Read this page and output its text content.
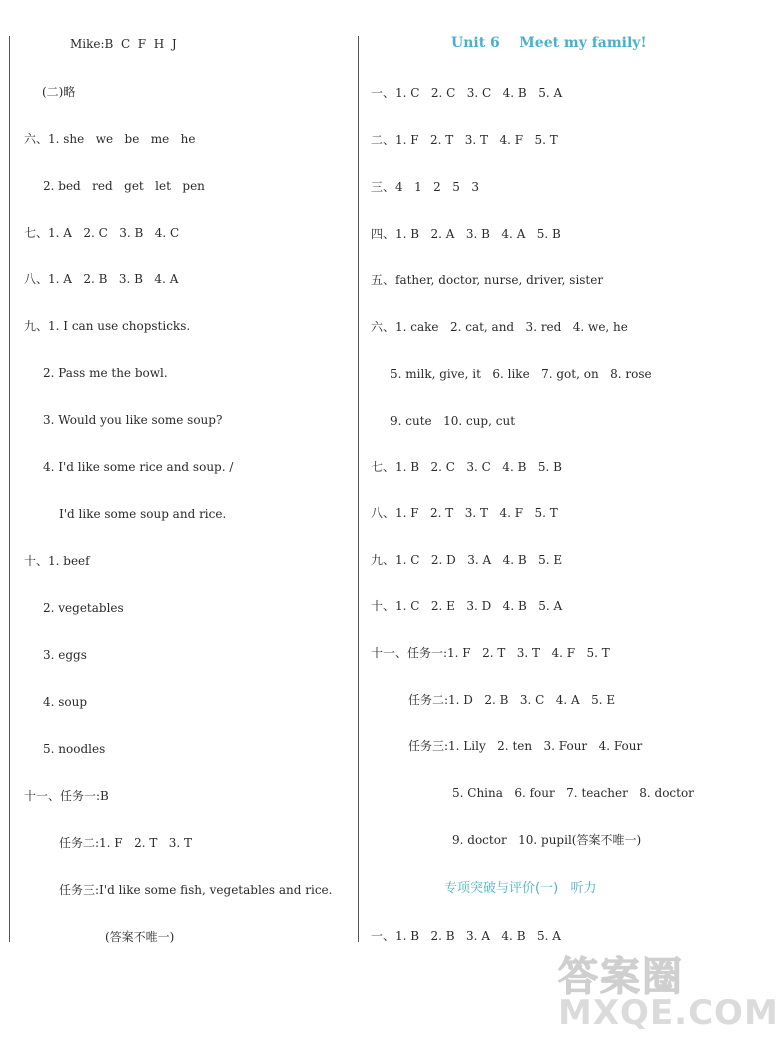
Mike:B  C  F  H  J
(二)略
六、1. she   we   be   me   he
2. bed   red   get   let   pen
七、1. A   2. C   3. B   4. C
八、1. A   2. B   3. B   4. A
九、1. I can use chopsticks.
2. Pass me the bowl.
3. Would you like some soup?
4. I'd like some rice and soup. /
I'd like some soup and rice.
十、1. beef
2. vegetables
3. eggs
4. soup
5. noodles
十一、任务一:B
任务二:1. F   2. T   3. T
任务三:I'd like some fish, vegetables and rice.
(答案不唯一)
Unit 6    Meet my family!
一、1. C   2. C   3. C   4. B   5. A
二、1. F   2. T   3. T   4. F   5. T
三、4   1   2   5   3
四、1. B   2. A   3. B   4. A   5. B
五、father, doctor, nurse, driver, sister
六、1. cake   2. cat, and   3. red   4. we, he
5. milk, give, it   6. like   7. got, on   8. rose
9. cute   10. cup, cut
七、1. B   2. C   3. C   4. B   5. B
八、1. F   2. T   3. T   4. F   5. T
九、1. C   2. D   3. A   4. B   5. E
十、1. C   2. E   3. D   4. B   5. A
十一、任务一:1. F   2. T   3. T   4. F   5. T
任务二:1. D   2. B   3. C   4. A   5. E
任务三:1. Lily   2. ten   3. Four   4. Four
5. China   6. four   7. teacher   8. doctor
9. doctor   10. pupil(答案不唯一)
专项突破与评价(一)   听力
一、1. B   2. B   3. A   4. B   5. A
答案圈
MXQE.COM
